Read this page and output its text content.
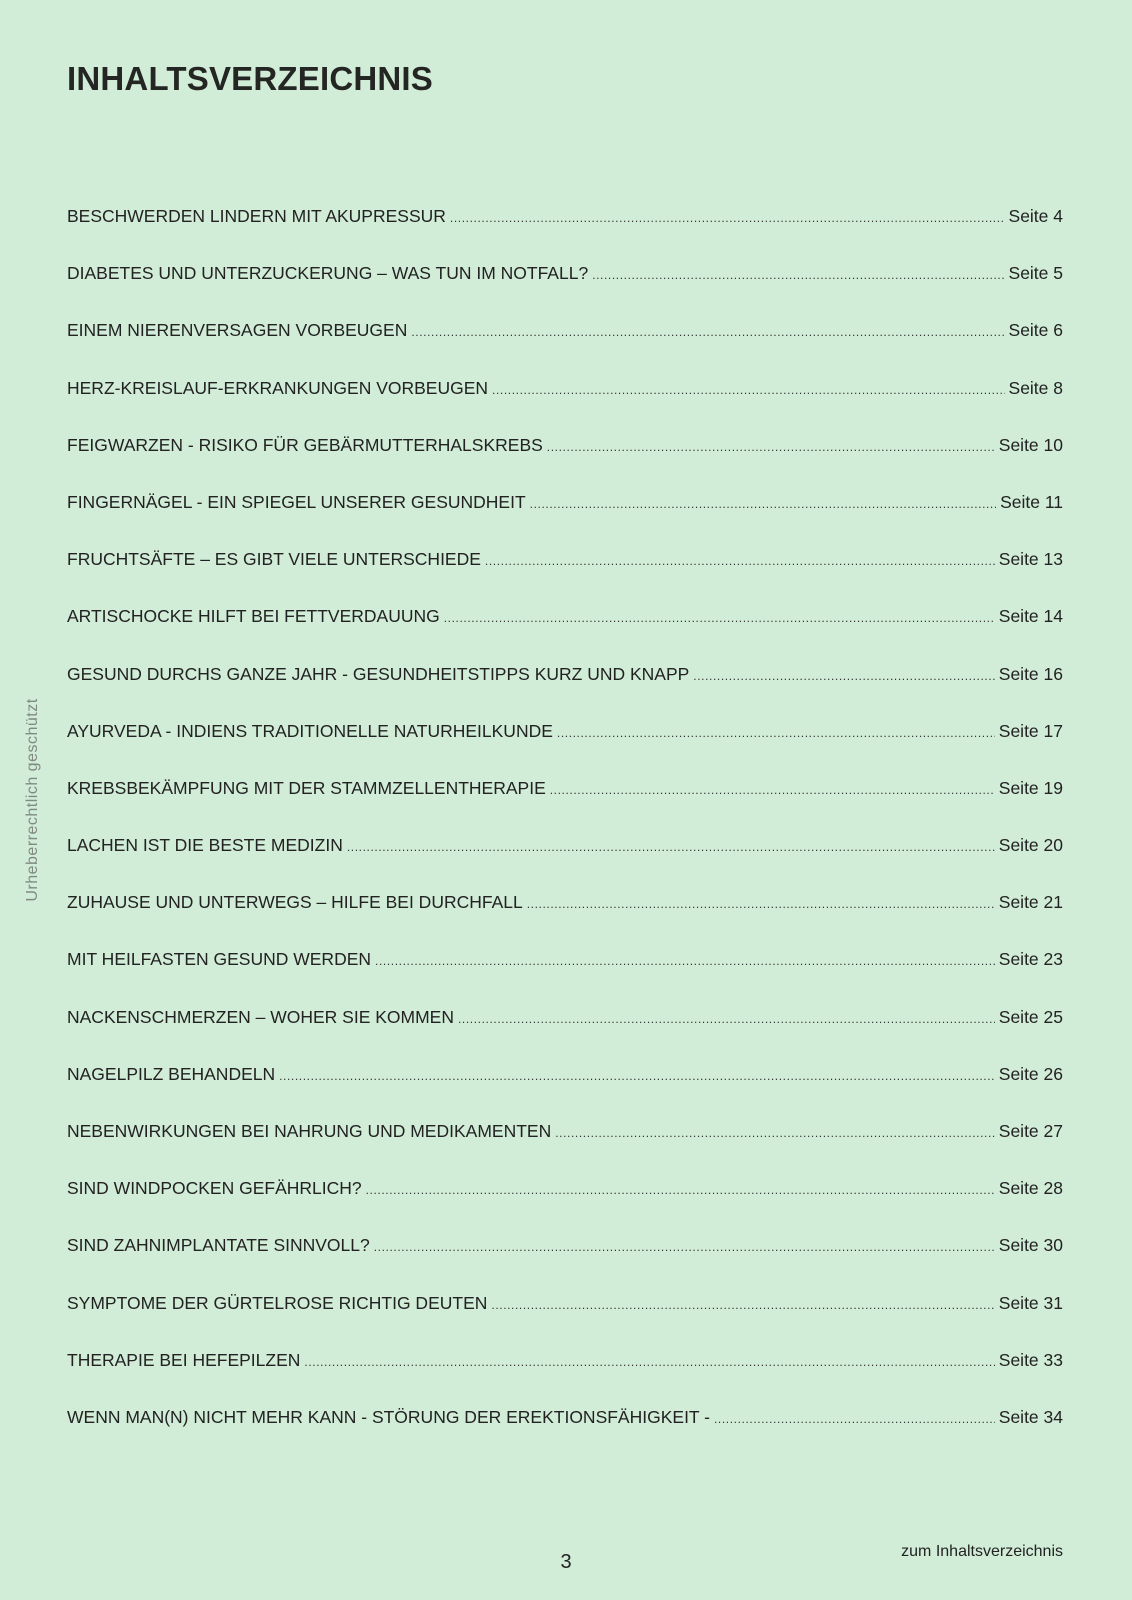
INHALTSVERZEICHNIS
BESCHWERDEN LINDERN MIT AKUPRESSUR .....	Seite 4
DIABETES UND UNTERZUCKERUNG – WAS TUN IM NOTFALL? .....	Seite 5
EINEM NIERENVERSAGEN VORBEUGEN .....	Seite 6
HERZ-KREISLAUF-ERKRANKUNGEN VORBEUGEN .....	Seite 8
FEIGWARZEN - RISIKO FÜR GEBÄRMUTTERHALSKREBS .....	Seite 10
FINGERNÄGEL - EIN SPIEGEL UNSERER GESUNDHEIT .....	Seite 11
FRUCHTSÄFTE – ES GIBT VIELE UNTERSCHIEDE .....	Seite 13
ARTISCHOCKE HILFT BEI FETTVERDAUUNG .....	Seite 14
GESUND DURCHS GANZE JAHR - GESUNDHEITSTIPPS KURZ UND KNAPP .....	Seite 16
AYURVEDA - INDIENS TRADITIONELLE NATURHEILKUNDE .....	Seite 17
KREBSBEKÄMPFUNG MIT DER STAMMZELLENTHERAPIE .....	Seite 19
LACHEN IST DIE BESTE MEDIZIN .....	Seite 20
ZUHAUSE UND UNTERWEGS – HILFE BEI DURCHFALL .....	Seite 21
MIT HEILFASTEN GESUND WERDEN .....	Seite 23
NACKENSCHMERZEN – WOHER SIE KOMMEN .....	Seite 25
NAGELPILZ BEHANDELN .....	Seite 26
NEBENWIRKUNGEN BEI NAHRUNG UND MEDIKAMENTEN .....	Seite 27
SIND WINDPOCKEN GEFÄHRLICH? .....	Seite 28
SIND ZAHNIMPLANTATE SINNVOLL? .....	Seite 30
SYMPTOME DER GÜRTELROSE RICHTIG DEUTEN .....	Seite 31
THERAPIE BEI HEFEPILZEN .....	Seite 33
WENN MAN(N) NICHT MEHR KANN - STÖRUNG DER EREKTIONSFÄHIGKEIT - .....	Seite 34
Urheberrechtlich geschützt
3	zum Inhaltsverzeichnis
